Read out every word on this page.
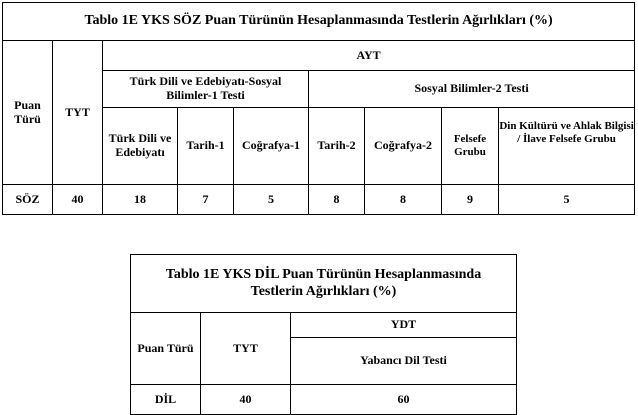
Tablo 1E YKS SÖZ Puan Türünün Hesaplanmasında Testlerin Ağırlıkları (%)								
Puan Türü	TYT	AYT						
		Türk Dili ve Edebiyatı-Sosyal Bilimler-1 Testi			Sosyal Bilimler-2 Testi			
		Türk Dili ve Edebiyatı	Tarih-1	Coğrafya-1	Tarih-2	Coğrafya-2	Felsefe Grubu	Din Kültürü ve Ahlak Bilgisi / İlave Felsefe Grubu
SÖZ	40	18	7	5	8	8	9	5
Tablo 1E YKS DİL Puan Türünün Hesaplanmasında Testlerin Ağırlıkları (%)		
Puan Türü	TYT	YDT
		Yabancı Dil Testi
DİL	40	60
